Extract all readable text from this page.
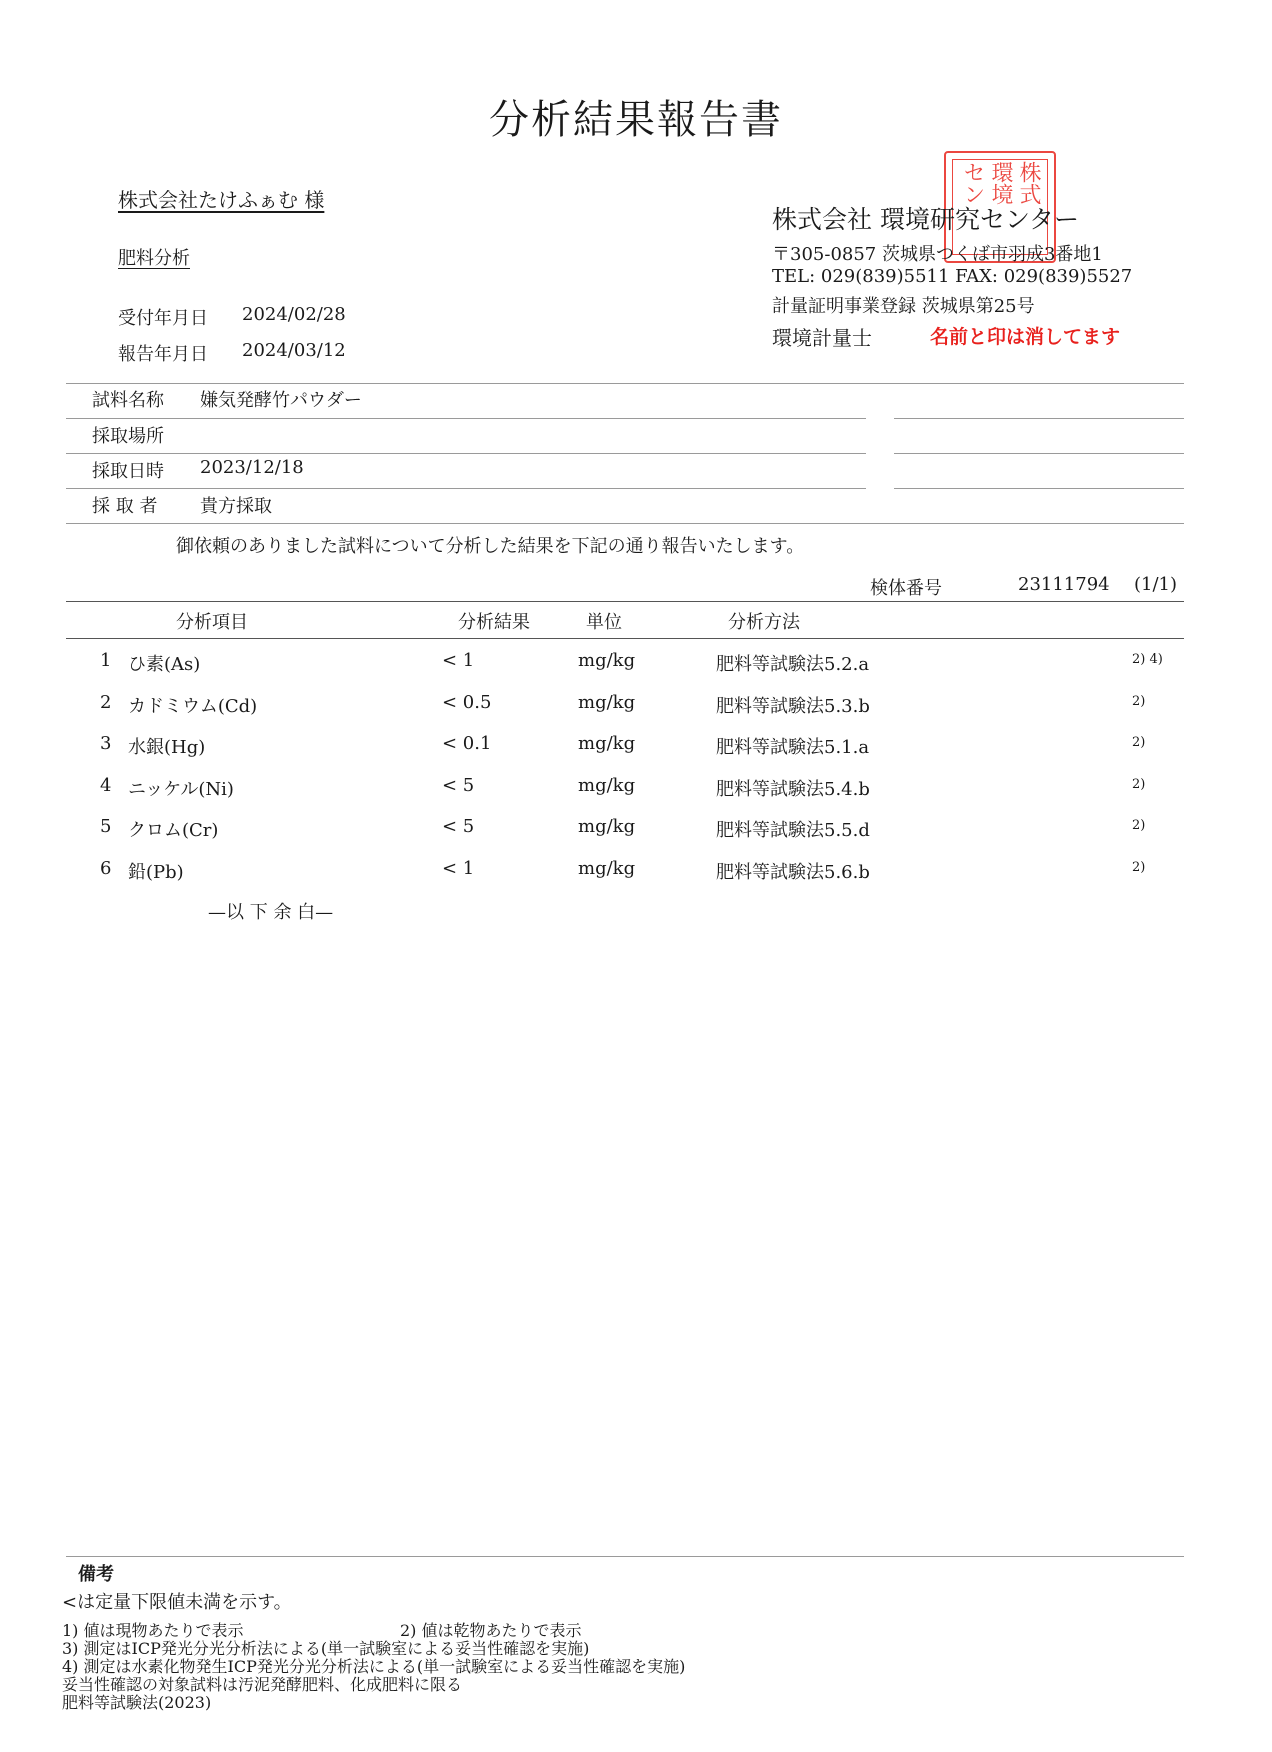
分析結果報告書
株式会社たけふぁむ 様
肥料分析
受付年月日 2024/02/28
報告年月日 2024/03/12
株式
環境
セン
株式会社 環境研究センター
〒305-0857 茨城県つくば市羽成3番地1
TEL: 029(839)5511 FAX: 029(839)5527
計量証明事業登録 茨城県第25号
環境計量士	名前と印は消してます
試料名称 嫌気発酵竹パウダー
採取場所
採取日時 2023/12/18
採 取 者 貴方採取
御依頼のありました試料について分析した結果を下記の通り報告いたします。
検体番号	23111794 (1/1)
分析項目	分析結果	単位	分析方法
1 ひ素(As)	< 1	mg/kg	肥料等試験法5.2.a	2) 4)
2 カドミウム(Cd)	< 0.5	mg/kg	肥料等試験法5.3.b	2)
3 水銀(Hg)	< 0.1	mg/kg	肥料等試験法5.1.a	2)
4 ニッケル(Ni)	< 5	mg/kg	肥料等試験法5.4.b	2)
5 クロム(Cr)	< 5	mg/kg	肥料等試験法5.5.d	2)
6 鉛(Pb)	< 1	mg/kg	肥料等試験法5.6.b	2)
—以 下 余 白—
備考
<は定量下限値未満を示す。
1) 値は現物あたりで表示	2) 値は乾物あたりで表示
3) 測定はICP発光分光分析法による(単一試験室による妥当性確認を実施)
4) 測定は水素化物発生ICP発光分光分析法による(単一試験室による妥当性確認を実施)
妥当性確認の対象試料は汚泥発酵肥料、化成肥料に限る
肥料等試験法(2023)
